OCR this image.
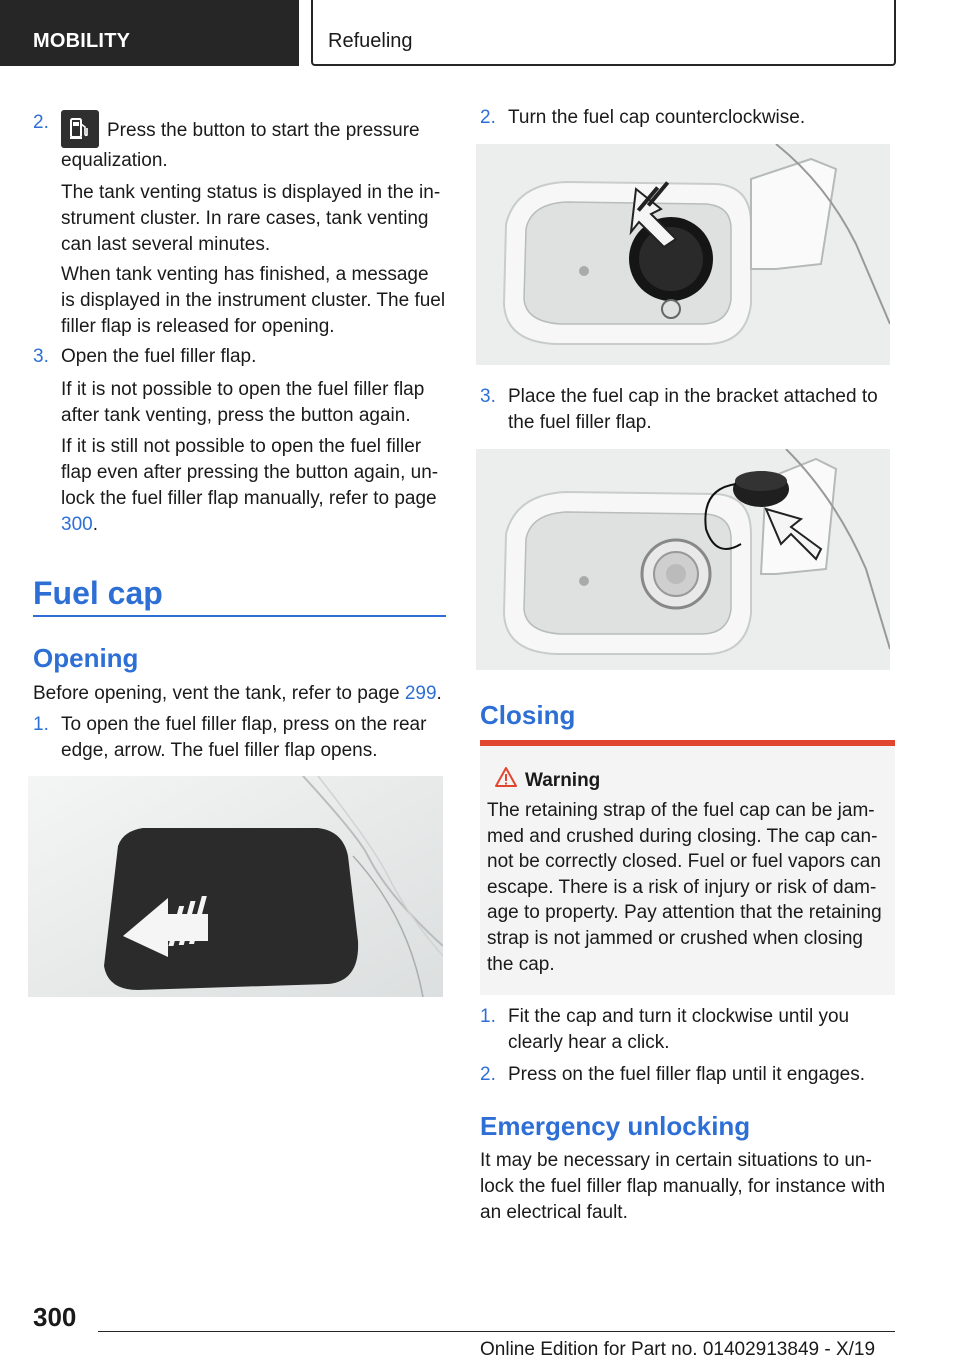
MOBILITY	Refueling
2.	Press the button to start the pressure equalization.
The tank venting status is displayed in the in-strument cluster. In rare cases, tank venting can last several minutes.
When tank venting has finished, a message is displayed in the instrument cluster. The fuel filler flap is released for opening.
3. Open the fuel filler flap.
If it is not possible to open the fuel filler flap after tank venting, press the button again.
If it is still not possible to open the fuel filler flap even after pressing the button again, un-lock the fuel filler flap manually, refer to page 300.
Fuel cap
Opening
Before opening, vent the tank, refer to page 299.
1. To open the fuel filler flap, press on the rear edge, arrow. The fuel filler flap opens.
2. Turn the fuel cap counterclockwise.
3. Place the fuel cap in the bracket attached to the fuel filler flap.
Closing
Warning
The retaining strap of the fuel cap can be jam-med and crushed during closing. The cap can-not be correctly closed. Fuel or fuel vapors can escape. There is a risk of injury or risk of dam-age to property. Pay attention that the retaining strap is not jammed or crushed when closing the cap.
1. Fit the cap and turn it clockwise until you clearly hear a click.
2. Press on the fuel filler flap until it engages.
Emergency unlocking
It may be necessary in certain situations to un-lock the fuel filler flap manually, for instance with an electrical fault.
300
Online Edition for Part no. 01402913849 - X/19
